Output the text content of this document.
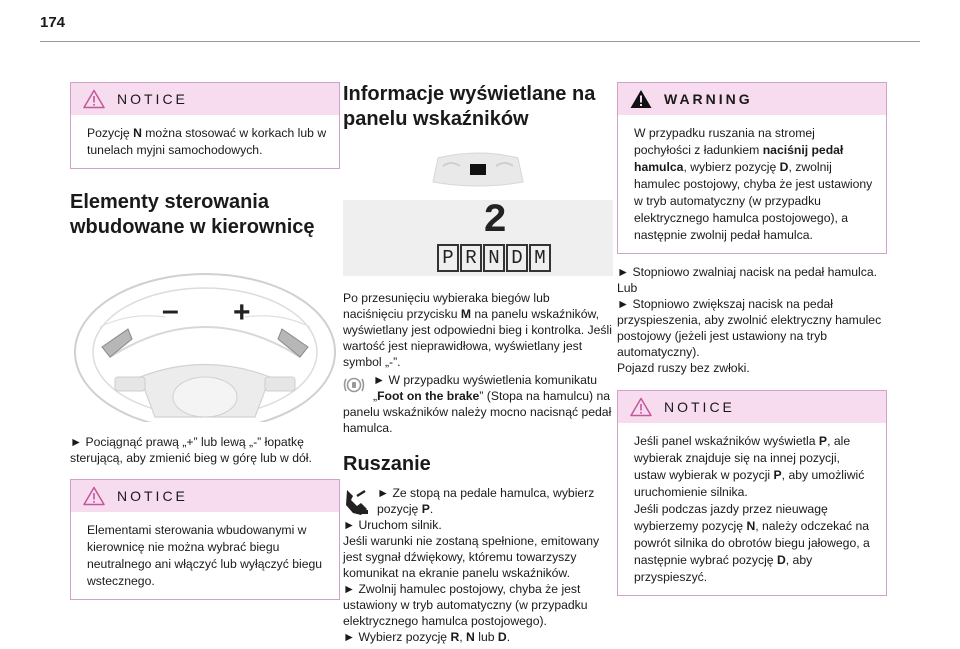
174
NOTICE
Pozycję N można stosować w korkach lub w tunelach myjni samochodowych.
Elementy sterowania wbudowane w kierownicę
– +

► Pociągnąć prawą „+” lub lewą „-” łopatkę sterującą, aby zmienić bieg w górę lub w dół.

NOTICE
Elementami sterowania wbudowanymi w kierownicę nie można wybrać biegu neutralnego ani włączyć lub wyłączyć biegu wstecznego.
Informacje wyświetlane na panelu wskaźników
2
P R N D M

Po przesunięciu wybieraka biegów lub naciśnięciu przycisku M na panelu wskaźników, wyświetlany jest odpowiedni bieg i kontrolka. Jeśli wartość jest nieprawidłowa, wyświetlany jest symbol „-”.

► W przypadku wyświetlenia komunikatu „Foot on the brake” (Stopa na hamulcu) na panelu wskaźników należy mocno nacisnąć pedał hamulca.

Ruszanie

► Ze stopą na pedale hamulca, wybierz pozycję P.

► Uruchom silnik.

Jeśli warunki nie zostaną spełnione, emitowany jest sygnał dźwiękowy, któremu towarzyszy komunikat na ekranie panelu wskaźników.

► Zwolnij hamulec postojowy, chyba że jest ustawiony w tryb automatyczny (w przypadku elektrycznego hamulca postojowego).

► Wybierz pozycję R, N lub D.

WARNING
W przypadku ruszania na stromej pochyłości z ładunkiem naciśnij pedał hamulca, wybierz pozycję D, zwolnij hamulec postojowy, chyba że jest ustawiony w tryb automatyczny (w przypadku elektrycznego hamulca postojowego), a następnie zwolnij pedał hamulca.

► Stopniowo zwalniaj nacisk na pedał hamulca.

Lub

► Stopniowo zwiększaj nacisk na pedał przyspieszenia, aby zwolnić elektryczny hamulec postojowy (jeżeli jest ustawiony na tryb automatyczny).

Pojazd ruszy bez zwłoki.

NOTICE
Jeśli panel wskaźników wyświetla P, ale wybierak znajduje się na innej pozycji, ustaw wybierak w pozycji P, aby umożliwić uruchomienie silnika.
Jeśli podczas jazdy przez nieuwagę wybierzemy pozycję N, należy odczekać na powrót silnika do obrotów biegu jałowego, a następnie wybrać pozycję D, aby przyspieszyć.
